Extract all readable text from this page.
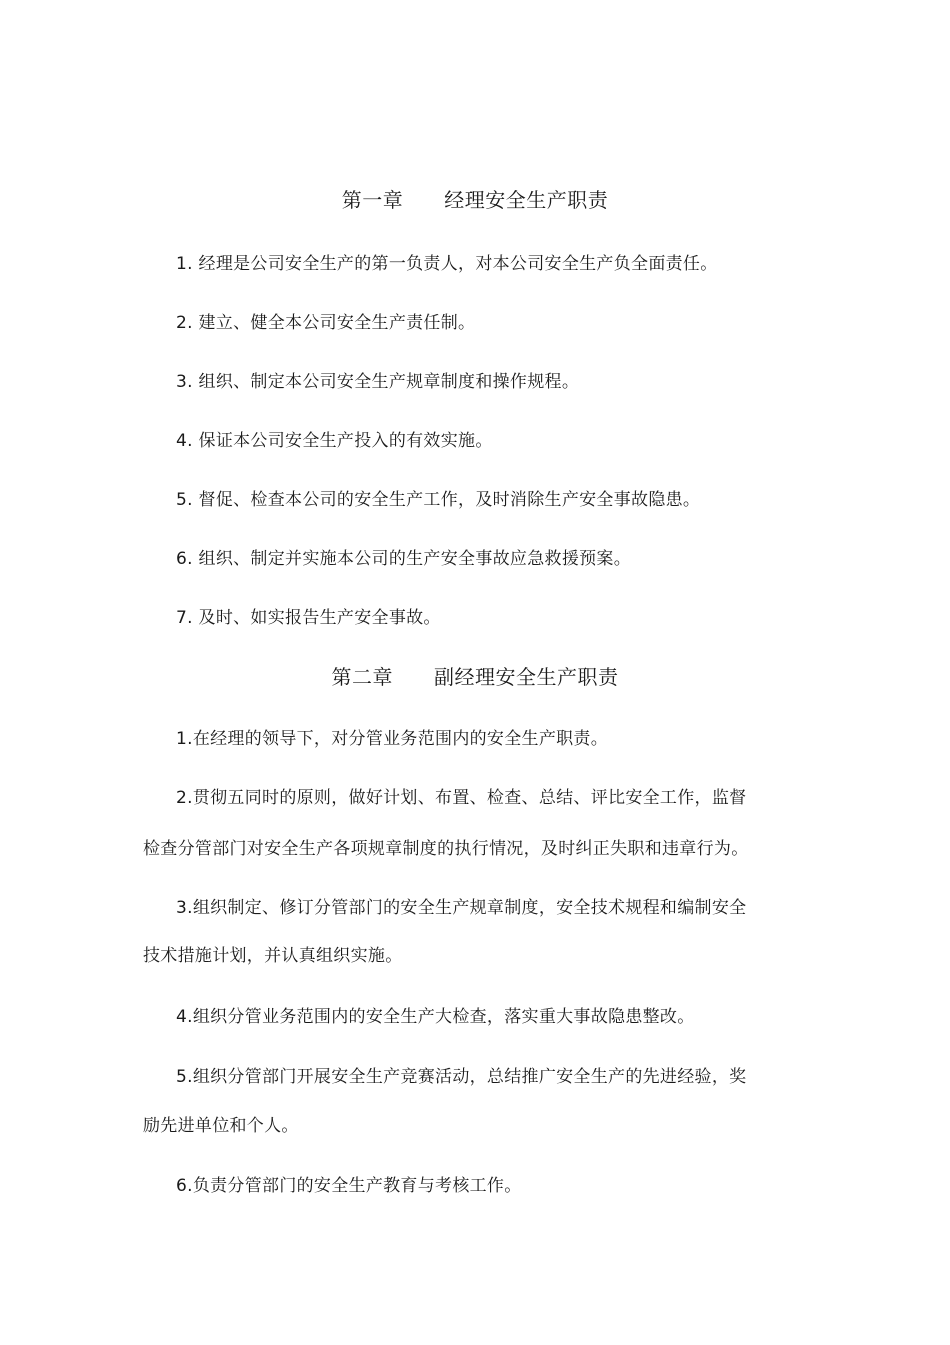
第一章　　经理安全生产职责
1. 经理是公司安全生产的第一负责人，对本公司安全生产负全面责任。
2. 建立、健全本公司安全生产责任制。
3. 组织、制定本公司安全生产规章制度和操作规程。
4. 保证本公司安全生产投入的有效实施。
5. 督促、检查本公司的安全生产工作，及时消除生产安全事故隐患。
6. 组织、制定并实施本公司的生产安全事故应急救援预案。
7. 及时、如实报告生产安全事故。
第二章　　副经理安全生产职责
1.在经理的领导下，对分管业务范围内的安全生产职责。
2.贯彻五同时的原则，做好计划、布置、检查、总结、评比安全工作，监督
检查分管部门对安全生产各项规章制度的执行情况，及时纠正失职和违章行为。
3.组织制定、修订分管部门的安全生产规章制度，安全技术规程和编制安全
技术措施计划，并认真组织实施。
4.组织分管业务范围内的安全生产大检查，落实重大事故隐患整改。
5.组织分管部门开展安全生产竞赛活动，总结推广安全生产的先进经验，奖
励先进单位和个人。
6.负责分管部门的安全生产教育与考核工作。
